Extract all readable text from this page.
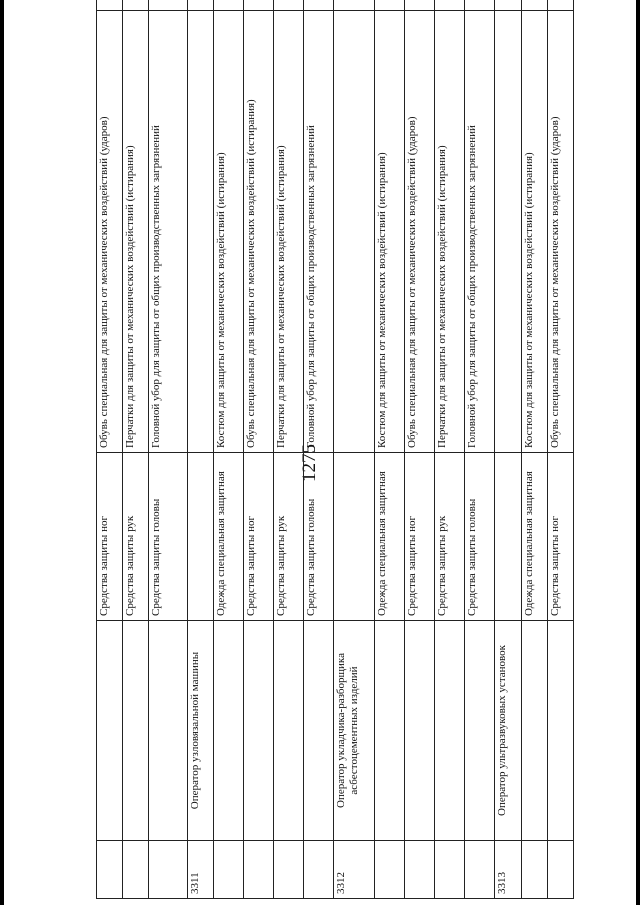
1275
		Средства защиты ног	Обувь специальная для защиты от механических воздействий (ударов)	
		Средства защиты рук	Перчатки для защиты от механических воздействий (истирания)	
		Средства защиты головы	Головной убор для защиты от общих производственных загрязнений	
3311	Оператор узловязальной машины			
		Одежда специальная защитная	Костюм для защиты от механических воздействий (истирания)	
		Средства защиты ног	Обувь специальная для защиты от механических воздействий (истирания)	
		Средства защиты рук	Перчатки для защиты от механических воздействий (истирания)	
		Средства защиты головы	Головной убор для защиты от общих производственных загрязнений	
3312	Оператор укладчика-разборщика асбестоцементных изделий			
		Одежда специальная защитная	Костюм для защиты от механических воздействий (истирания)	
		Средства защиты ног	Обувь специальная для защиты от механических воздействий (ударов)	
		Средства защиты рук	Перчатки для защиты от механических воздействий (истирания)	
		Средства защиты головы	Головной убор для защиты от общих производственных загрязнений	
3313	Оператор ультразвуковых установок			
		Одежда специальная защитная	Костюм для защиты от механических воздействий (истирания)	
		Средства защиты ног	Обувь специальная для защиты от механических воздействий (ударов)	
